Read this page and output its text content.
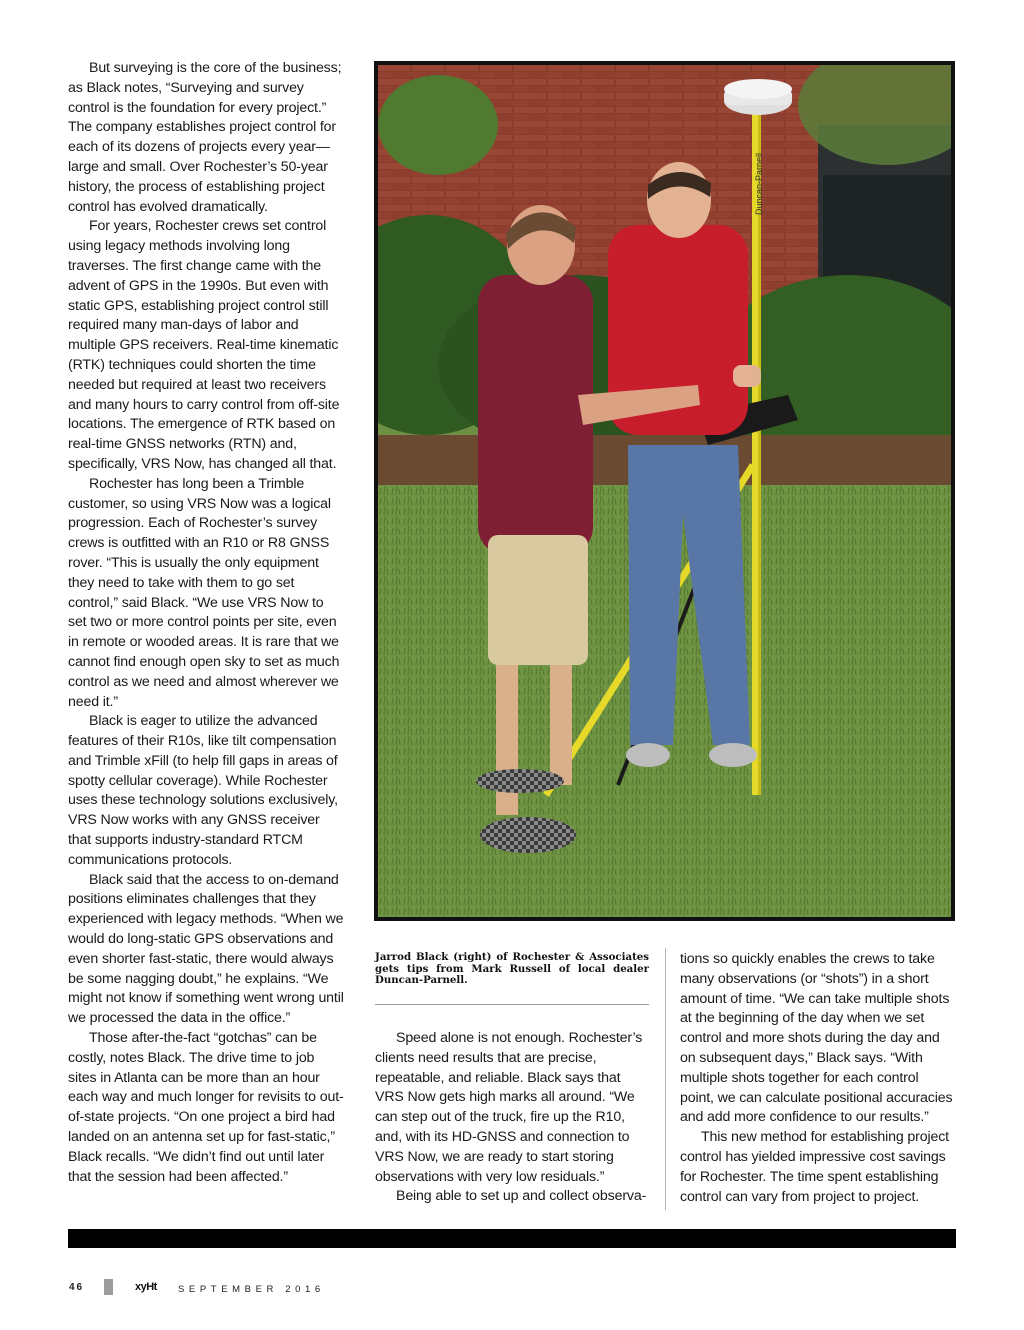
But surveying is the core of the business; as Black notes, “Surveying and survey control is the foundation for every project.” The company establishes project control for each of its dozens of projects every year—large and small. Over Rochester’s 50-year history, the process of establishing project control has evolved dramatically.

For years, Rochester crews set control using legacy methods involving long traverses. The first change came with the advent of GPS in the 1990s. But even with static GPS, establishing project control still required many man-days of labor and multiple GPS receivers. Real-time kinematic (RTK) techniques could shorten the time needed but required at least two receivers and many hours to carry control from off-site locations. The emergence of RTK based on real-time GNSS networks (RTN) and, specifically, VRS Now, has changed all that.

Rochester has long been a Trimble customer, so using VRS Now was a logical progression. Each of Rochester’s survey crews is outfitted with an R10 or R8 GNSS rover. “This is usually the only equipment they need to take with them to go set control,” said Black. “We use VRS Now to set two or more control points per site, even in remote or wooded areas. It is rare that we cannot find enough open sky to set as much control as we need and almost wherever we need it.”

Black is eager to utilize the advanced features of their R10s, like tilt compensation and Trimble xFill (to help fill gaps in areas of spotty cellular coverage). While Rochester uses these technology solutions exclusively, VRS Now works with any GNSS receiver that supports industry-standard RTCM communications protocols.

Black said that the access to on-demand positions eliminates challenges that they experienced with legacy methods. “When we would do long-static GPS observations and even shorter fast-static, there would always be some nagging doubt,” he explains. “We might not know if something went wrong until we processed the data in the office.”

Those after-the-fact “gotchas” can be costly, notes Black. The drive time to job sites in Atlanta can be more than an hour each way and much longer for revisits to out-of-state projects. “On one project a bird had landed on an antenna set up for fast-static,” Black recalls. “We didn’t find out until later that the session had been affected.”

Duncan-Parnell
Jarrod Black (right) of Rochester & Associates gets tips from Mark Russell of local dealer Duncan-Parnell.

Speed alone is not enough. Rochester’s clients need results that are precise, repeatable, and reliable. Black says that VRS Now gets high marks all around. “We can step out of the truck, fire up the R10, and, with its HD-GNSS and connection to VRS Now, we are ready to start storing observations with very low residuals.”

Being able to set up and collect observa-

tions so quickly enables the crews to take many observations (or “shots”) in a short amount of time. “We can take multiple shots at the beginning of the day when we set control and more shots during the day and on subsequent days,” Black says. “With multiple shots together for each control point, we can calculate positional accuracies and add more confidence to our results.”

This new method for establishing project control has yielded impressive cost savings for Rochester. The time spent establishing control can vary from project to project.

46	xyHt SEPTEMBER 2016
